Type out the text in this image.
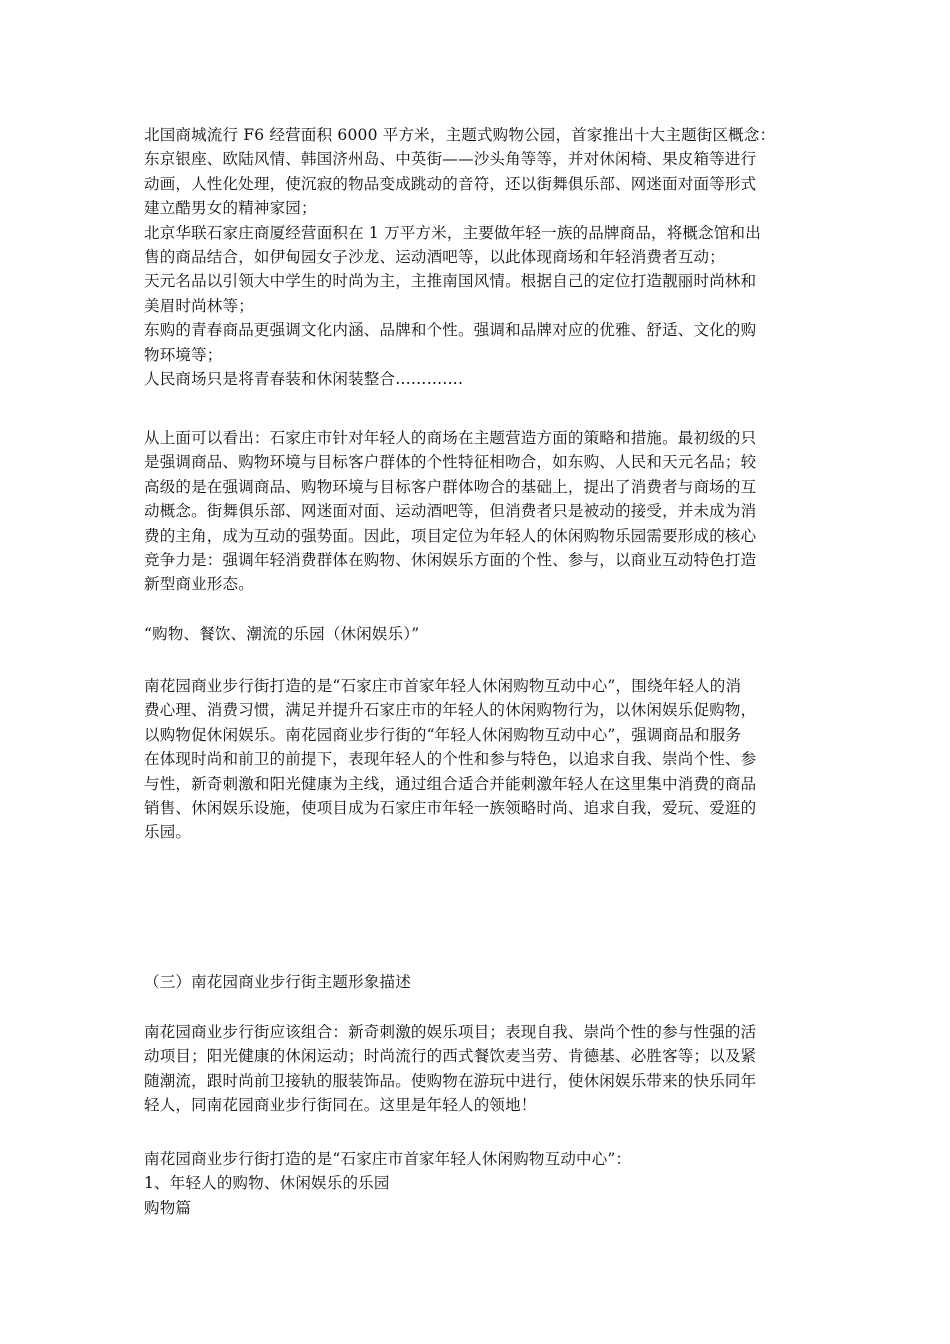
北国商城流行 F6 经营面积 6000 平方米，主题式购物公园，首家推出十大主题街区概念：
东京银座、欧陆风情、韩国济州岛、中英街——沙头角等等，并对休闲椅、果皮箱等进行
动画，人性化处理，使沉寂的物品变成跳动的音符，还以街舞俱乐部、网迷面对面等形式
建立酷男女的精神家园；
北京华联石家庄商厦经营面积在 1 万平方米，主要做年轻一族的品牌商品，将概念馆和出
售的商品结合，如伊甸园女子沙龙、运动酒吧等，以此体现商场和年轻消费者互动；
天元名品以引领大中学生的时尚为主，主推南国风情。根据自己的定位打造靓丽时尚林和
美眉时尚林等；
东购的青春商品更强调文化内涵、品牌和个性。强调和品牌对应的优雅、舒适、文化的购
物环境等；
人民商场只是将青春装和休闲装整合………….
从上面可以看出：石家庄市针对年轻人的商场在主题营造方面的策略和措施。最初级的只
是强调商品、购物环境与目标客户群体的个性特征相吻合，如东购、人民和天元名品；较
高级的是在强调商品、购物环境与目标客户群体吻合的基础上，提出了消费者与商场的互
动概念。街舞俱乐部、网迷面对面、运动酒吧等，但消费者只是被动的接受，并未成为消
费的主角，成为互动的强势面。因此，项目定位为年轻人的休闲购物乐园需要形成的核心
竞争力是：强调年轻消费群体在购物、休闲娱乐方面的个性、参与，以商业互动特色打造
新型商业形态。
“购物、餐饮、潮流的乐园（休闲娱乐）”
南花园商业步行街打造的是“石家庄市首家年轻人休闲购物互动中心”，围绕年轻人的消
费心理、消费习惯，满足并提升石家庄市的年轻人的休闲购物行为，以休闲娱乐促购物，
以购物促休闲娱乐。南花园商业步行街的“年轻人休闲购物互动中心”，强调商品和服务
在体现时尚和前卫的前提下，表现年轻人的个性和参与特色，以追求自我、崇尚个性、参
与性，新奇刺激和阳光健康为主线，通过组合适合并能刺激年轻人在这里集中消费的商品
销售、休闲娱乐设施，使项目成为石家庄市年轻一族领略时尚、追求自我，爱玩、爱逛的
乐园。
（三）南花园商业步行街主题形象描述
南花园商业步行街应该组合：新奇刺激的娱乐项目；表现自我、崇尚个性的参与性强的活
动项目；阳光健康的休闲运动；时尚流行的西式餐饮麦当劳、肯德基、必胜客等；以及紧
随潮流，跟时尚前卫接轨的服装饰品。使购物在游玩中进行，使休闲娱乐带来的快乐同年
轻人，同南花园商业步行街同在。这里是年轻人的领地！
南花园商业步行街打造的是“石家庄市首家年轻人休闲购物互动中心”：
1、年轻人的购物、休闲娱乐的乐园
购物篇
